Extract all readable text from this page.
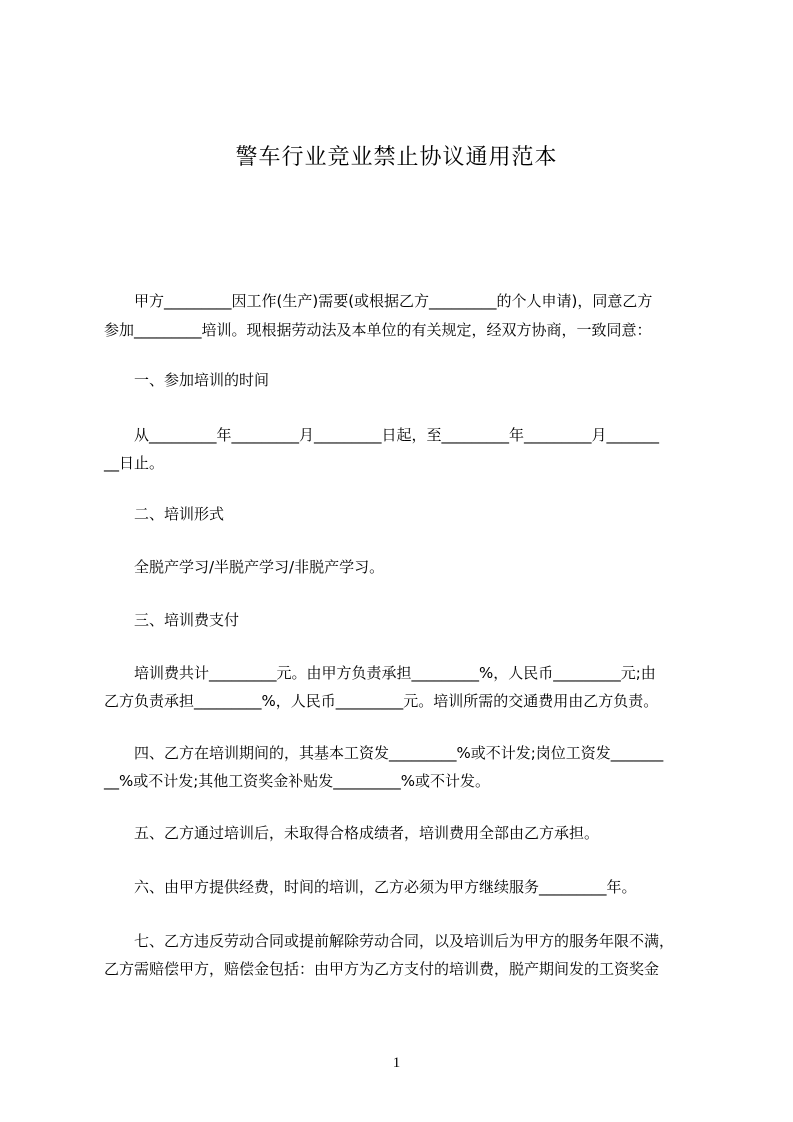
警车行业竞业禁止协议通用范本
　　甲方_________因工作(生产)需要(或根据乙方_________的个人申请)，同意乙方
参加_________培训。现根据劳动法及本单位的有关规定，经双方协商，一致同意：
　　一、参加培训的时间
　　从_________年_________月_________日起，至_________年_________月_______
__日止。
　　二、培训形式
　　全脱产学习/半脱产学习/非脱产学习。
　　三、培训费支付
　　培训费共计_________元。由甲方负责承担_________%，人民币_________元;由
乙方负责承担_________%，人民币_________元。培训所需的交通费用由乙方负责。
　　四、乙方在培训期间的，其基本工资发_________%或不计发;岗位工资发_______
__%或不计发;其他工资奖金补贴发_________%或不计发。
　　五、乙方通过培训后，未取得合格成绩者，培训费用全部由乙方承担。
　　六、由甲方提供经费，时间的培训，乙方必须为甲方继续服务_________年。
　　七、乙方违反劳动合同或提前解除劳动合同，以及培训后为甲方的服务年限不满，
乙方需赔偿甲方，赔偿金包括：由甲方为乙方支付的培训费，脱产期间发的工资奖金
1
